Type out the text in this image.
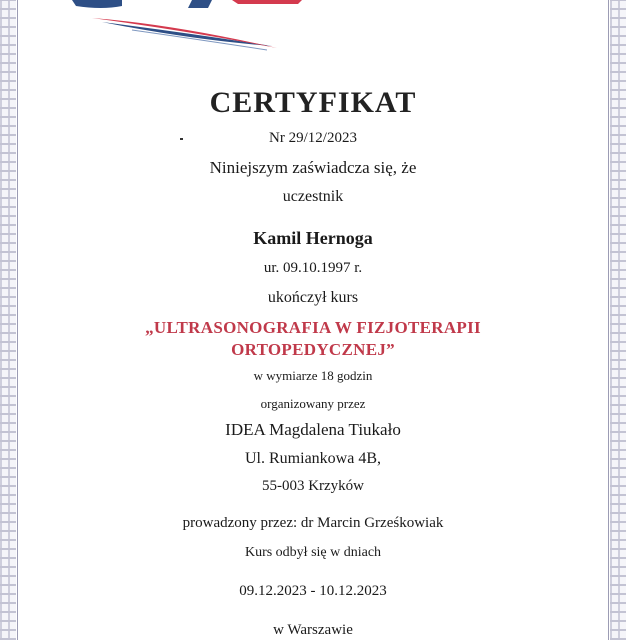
CERTYFIKAT
Nr 29/12/2023
Niniejszym zaświadcza się, że
uczestnik
Kamil Hernoga
ur. 09.10.1997 r.
ukończył kurs
„ULTRASONOGRAFIA W FIZJOTERAPII
ORTOPEDYCZNEJ”
w wymiarze 18 godzin
organizowany przez
IDEA Magdalena Tiukało
Ul. Rumiankowa 4B,
55-003 Krzyków
prowadzony przez: dr Marcin Grześkowiak
Kurs odbył się w dniach
09.12.2023 - 10.12.2023
w Warszawie
